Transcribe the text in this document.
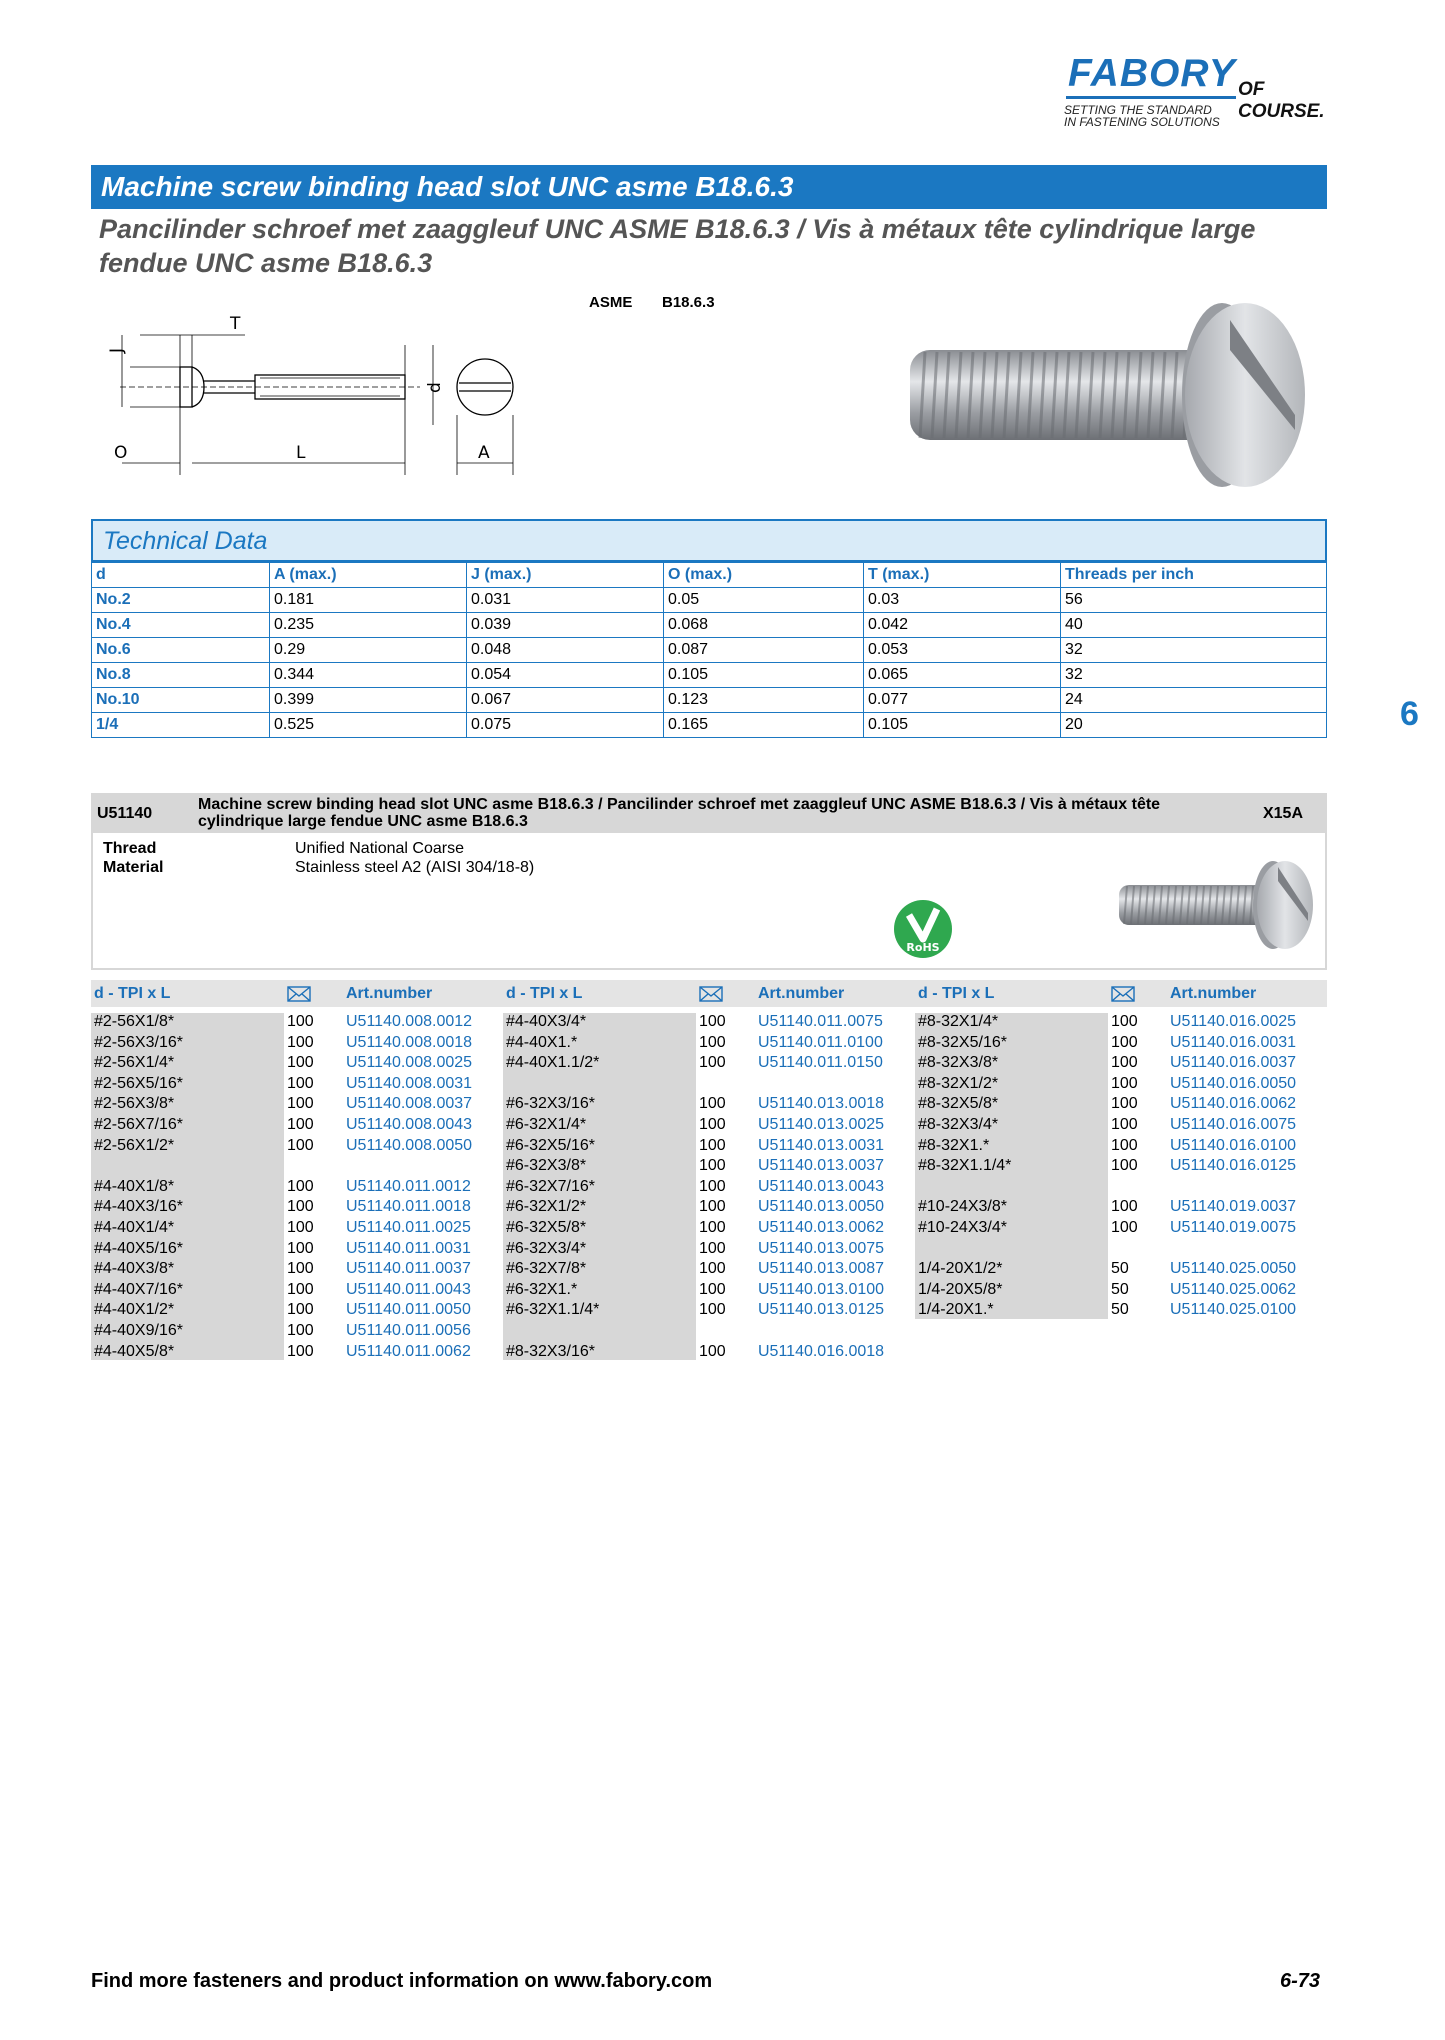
FABORY OF COURSE.
SETTING THE STANDARD
IN FASTENING SOLUTIONS
Machine screw binding head slot UNC asme B18.6.3
Pancilinder schroef met zaaggleuf UNC ASME B18.6.3 / Vis à métaux tête cylindrique large fendue UNC asme B18.6.3
ASME B18.6.3
T
J
d
O	L	A
Technical Data
d	A (max.)	J (max.)	O (max.)	T (max.)	Threads per inch
No.2	0.181	0.031	0.05	0.03	56
No.4	0.235	0.039	0.068	0.042	40
No.6	0.29	0.048	0.087	0.053	32
No.8	0.344	0.054	0.105	0.065	32
No.10	0.399	0.067	0.123	0.077	24
1/4	0.525	0.075	0.165	0.105	20	6
U51140
Machine screw binding head slot UNC asme B18.6.3 / Pancilinder schroef met zaaggleuf UNC ASME B18.6.3 / Vis à métaux tête
cylindrique large fendue UNC asme B18.6.3	X15A
Thread	Unified National Coarse
Material	Stainless steel A2 (AISI 304/18-8)
RoHS
d - TPI x L	Art.number	d - TPI x L	Art.number	d - TPI x L	Art.number
#2-56X1/8*	100 U51140.008.0012
#2-56X3/16*	100 U51140.008.0018
#2-56X1/4*	100 U51140.008.0025
#2-56X5/16*	100 U51140.008.0031
#2-56X3/8*	100 U51140.008.0037
#2-56X7/16*	100 U51140.008.0043
#2-56X1/2*	100 U51140.008.0050
#4-40X1/8*	100 U51140.011.0012
#4-40X3/16*	100 U51140.011.0018
#4-40X1/4*	100 U51140.011.0025
#4-40X5/16*	100 U51140.011.0031
#4-40X3/8*	100 U51140.011.0037
#4-40X7/16*	100 U51140.011.0043
#4-40X1/2*	100 U51140.011.0050
#4-40X9/16*	100 U51140.011.0056
#4-40X5/8*	100 U51140.011.0062
#4-40X3/4*	100 U51140.011.0075
#4-40X1.*	100 U51140.011.0100
#4-40X1.1/2*	100 U51140.011.0150
#6-32X3/16*	100 U51140.013.0018
#6-32X1/4*	100 U51140.013.0025
#6-32X5/16*	100 U51140.013.0031
#6-32X3/8*	100 U51140.013.0037
#6-32X7/16*	100 U51140.013.0043
#6-32X1/2*	100 U51140.013.0050
#6-32X5/8*	100 U51140.013.0062
#6-32X3/4*	100 U51140.013.0075
#6-32X7/8*	100 U51140.013.0087
#6-32X1.*	100 U51140.013.0100
#6-32X1.1/4*	100 U51140.013.0125
#8-32X3/16*	100 U51140.016.0018
#8-32X1/4*	100 U51140.016.0025
#8-32X5/16*	100 U51140.016.0031
#8-32X3/8*	100 U51140.016.0037
#8-32X1/2*	100 U51140.016.0050
#8-32X5/8*	100 U51140.016.0062
#8-32X3/4*	100 U51140.016.0075
#8-32X1.*	100 U51140.016.0100
#8-32X1.1/4*	100 U51140.016.0125
#10-24X3/8*	100 U51140.019.0037
#10-24X3/4*	100 U51140.019.0075
1/4-20X1/2*	50	U51140.025.0050
1/4-20X5/8*	50	U51140.025.0062
1/4-20X1.*	50	U51140.025.0100
Find more fasteners and product information on www.fabory.com	6-73
